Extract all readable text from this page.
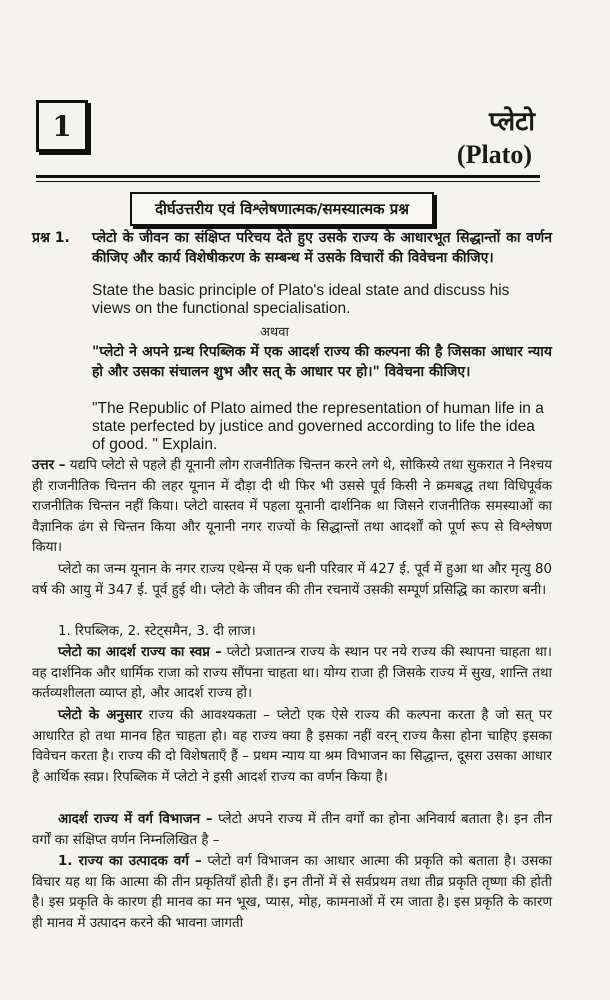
1	प्लेटो
(Plato)
दीर्घउत्तरीय एवं विश्लेषणात्मक/समस्यात्मक प्रश्न
प्रश्न 1. प्लेटो के जीवन का संक्षिप्त परिचय देते हुए उसके राज्य के आधारभूत सिद्धान्तों का वर्णन कीजिए और कार्य विशेषीकरण के सम्बन्ध में उसके विचारों की विवेचना कीजिए।
State the basic principle of Plato's ideal state and discuss his views on the functional specialisation.
अथवा
"प्लेटो ने अपने ग्रन्थ रिपब्लिक में एक आदर्श राज्य की कल्पना की है जिसका आधार न्याय हो और उसका संचालन शुभ और सत् के आधार पर हो।" विवेचना कीजिए।
"The Republic of Plato aimed the representation of human life in a state perfected by justice and governed according to life the idea of good. " Explain.

उत्तर – यद्यपि प्लेटो से पहले ही यूनानी लोग राजनीतिक चिन्तन करने लगे थे, सोकिस्ये तथा सुकरात ने निश्चय ही राजनीतिक चिन्तन की लहर यूनान में दौड़ा दी थी फिर भी उससे पूर्व किसी ने क्रमबद्ध तथा विधिपूर्वक राजनीतिक चिन्तन नहीं किया। प्लेटो वास्तव में पहला यूनानी दार्शनिक था जिसने राजनीतिक समस्याओं का वैज्ञानिक ढंग से चिन्तन किया और यूनानी नगर राज्यों के सिद्धान्तों तथा आदर्शों को पूर्ण रूप से विश्लेषण किया।

प्लेटो का जन्म यूनान के नगर राज्य एथेन्स में एक धनी परिवार में 427 ई. पूर्व में हुआ था और मृत्यु 80 वर्ष की आयु में 347 ई. पूर्व हुई थी। प्लेटो के जीवन की तीन रचनायें उसकी सम्पूर्ण प्रसिद्धि का कारण बनी।
1. रिपब्लिक, 2. स्टेट्समैन, 3. दी लाज।
प्लेटो का आदर्श राज्य का स्वप्न – प्लेटो प्रजातन्त्र राज्य के स्थान पर नये राज्य की स्थापना चाहता था। वह दार्शनिक और धार्मिक राजा को राज्य सौंपना चाहता था। योग्य राजा ही जिसके राज्य में सुख, शान्ति तथा कर्तव्यशीलता व्याप्त हो, और आदर्श राज्य हो।
प्लेटो के अनुसार राज्य की आवश्यकता – प्लेटो एक ऐसे राज्य की कल्पना करता है जो सत् पर आधारित हो तथा मानव हित चाहता हो। वह राज्य क्या है इसका नहीं वरन् राज्य कैसा होना चाहिए इसका विवेचन करता है। राज्य की दो विशेषताएँ हैं – प्रथम न्याय या श्रम विभाजन का सिद्धान्त, दूसरा उसका आधार है आर्थिक स्वप्न। रिपब्लिक में प्लेटो ने इसी आदर्श राज्य का वर्णन किया है।
आदर्श राज्य में वर्ग विभाजन – प्लेटो अपने राज्य में तीन वर्गों का होना अनिवार्य बताता है। इन तीन वर्गों का संक्षिप्त वर्णन निम्नलिखित है –
1. राज्य का उत्पादक वर्ग – प्लेटो वर्ग विभाजन का आधार आत्मा की प्रकृति को बताता है। उसका विचार यह था कि आत्मा की तीन प्रकृतियाँ होती हैं। इन तीनों में से सर्वप्रथम तथा तीव्र प्रकृति तृष्णा की होती है। इस प्रकृति के कारण ही मानव का मन भूख, प्यास, मोह, कामनाओं में रम जाता है। इस प्रकृति के कारण ही मानव में उत्पादन करने की भावना जागती
